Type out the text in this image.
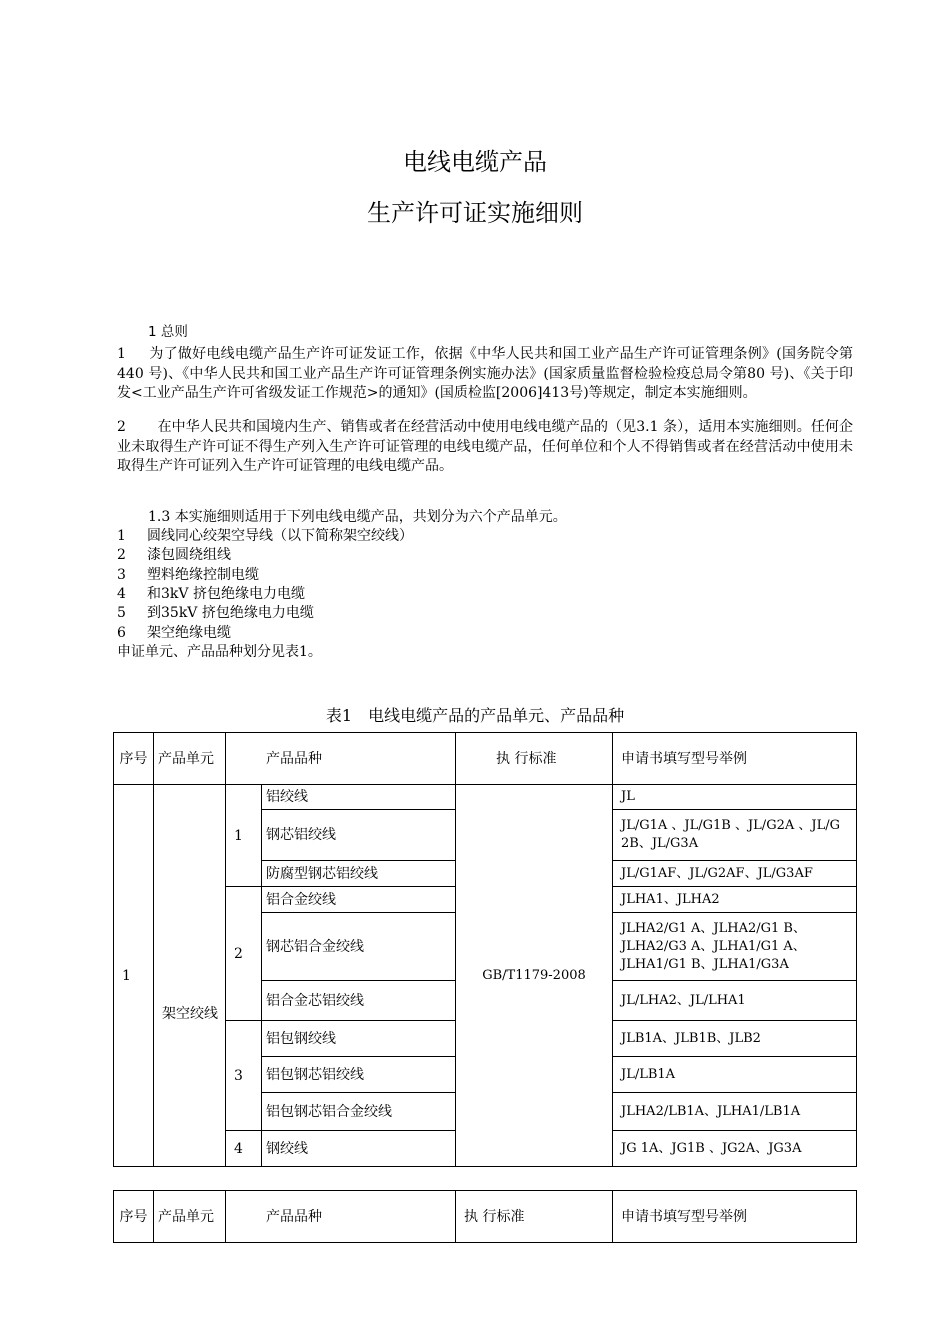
电线电缆产品
生产许可证实施细则
1 总则
1 为了做好电线电缆产品生产许可证发证工作，依据《中华人民共和国工业产品生产许可证管理条例》(国务院令第440 号)、《中华人民共和国工业产品生产许可证管理条例实施办法》(国家质量监督检验检疫总局令第80 号)、《关于印发<工业产品生产许可省级发证工作规范>的通知》(国质检监[2006]413号)等规定，制定本实施细则。
2 在中华人民共和国境内生产、销售或者在经营活动中使用电线电缆产品的（见3.1 条），适用本实施细则。任何企业未取得生产许可证不得生产列入生产许可证管理的电线电缆产品，任何单位和个人不得销售或者在经营活动中使用未取得生产许可证列入生产许可证管理的电线电缆产品。
1.3 本实施细则适用于下列电线电缆产品，共划分为六个产品单元。
1 圆线同心绞架空导线（以下简称架空绞线）
2 漆包圆绕组线
3 塑料绝缘控制电缆
4 和3kV 挤包绝缘电力电缆
5 到35kV 挤包绝缘电力电缆
6 架空绝缘电缆
申证单元、产品品种划分见表1。
表1　电线电缆产品的产品单元、产品品种
序号	产品单元	产品品种		执 行标准	申请书填写型号举例
1	架空绞线	1	铝绞线	GB/T1179-2008	JL
			钢芯铝绞线		JL/G1A 、JL/G1B 、JL/G2A 、JL/G 2B、JL/G3A
			防腐型钢芯铝绞线		JL/G1AF、JL/G2AF、JL/G3AF
		2	铝合金绞线		JLHA1、JLHA2
			钢芯铝合金绞线		JLHA2/G1 A、JLHA2/G1 B、JLHA2/G3 A、JLHA1/G1 A、JLHA1/G1 B、JLHA1/G3A
			铝合金芯铝绞线		JL/LHA2、JL/LHA1
		3	铝包钢绞线		JLB1A、JLB1B、JLB2
			铝包钢芯铝绞线		JL/LB1A
			铝包钢芯铝合金绞线		JLHA2/LB1A、JLHA1/LB1A
		4	钢绞线		JG 1A、JG1B 、JG2A、JG3A
序号	产品单元	产品品种	执 行标准	申请书填写型号举例
